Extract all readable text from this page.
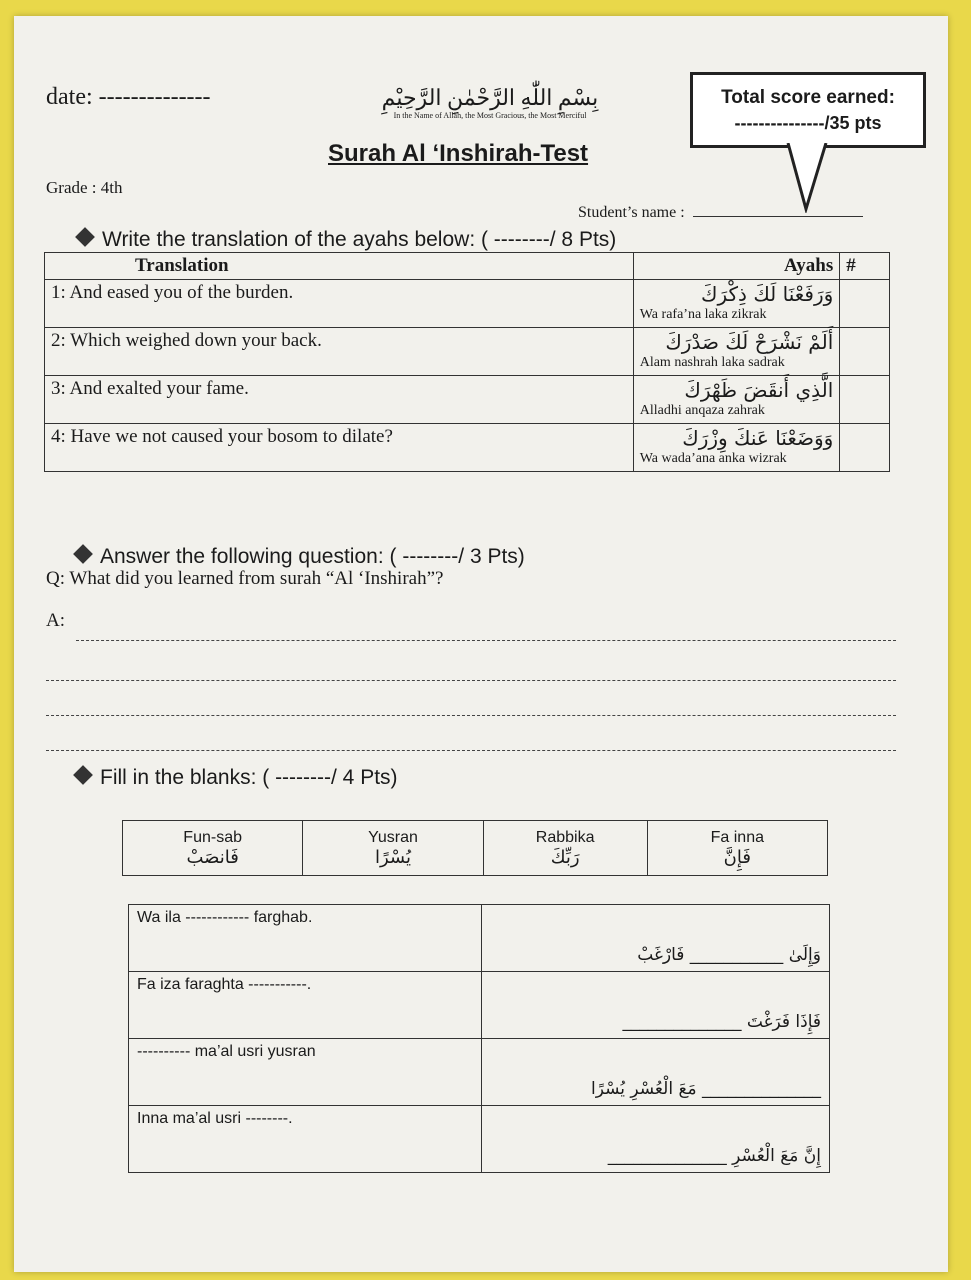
date: --------------	بِسْمِ اللّٰهِ الرَّحْمٰنِ الرَّحِيْمِ
In the Name of Allāh, the Most Gracious, the Most Merciful
Surah Al ‘Inshirah-Test
Grade : 4th
Student’s name :
Total score earned:
---------------/35 pts
Write the translation of the ayahs below: ( --------/ 8 Pts)
Translation	Ayahs	#
1: And eased you of the burden.	وَرَفَعْنَا لَكَ ذِكْرَكَ
Wa rafa’na laka zikrak	

2: Which weighed down your back.	أَلَمْ نَشْرَحْ لَكَ صَدْرَكَ
Alam nashrah laka sadrak	

3: And exalted your fame.	الَّذِي أَنقَضَ ظَهْرَكَ
Alladhi anqaza zahrak	

4: Have we not caused your bosom to dilate?	وَوَضَعْنَا عَنكَ وِزْرَكَ
Wa wada’ana anka wizrak	

Answer the following question: ( --------/ 3 Pts)
Q: What did you learned from surah “Al ‘Inshirah”?
A:
Fill in the blanks: ( --------/ 4 Pts)
Fun-sab
فَانصَبْ
	Yusran
يُسْرًا
	Rabbika
رَبِّكَ
	Fa inna
فَإِنَّ
Wa ila ------------ farghab.	وَإِلَىٰ ___________ فَارْغَبْ
Fa iza faraghta -----------.	فَإِذَا فَرَغْتَ ______________
---------- ma’al usri yusran	______________ مَعَ الْعُسْرِ يُسْرًا
Inna ma’al usri --------.	إِنَّ مَعَ الْعُسْرِ ______________
